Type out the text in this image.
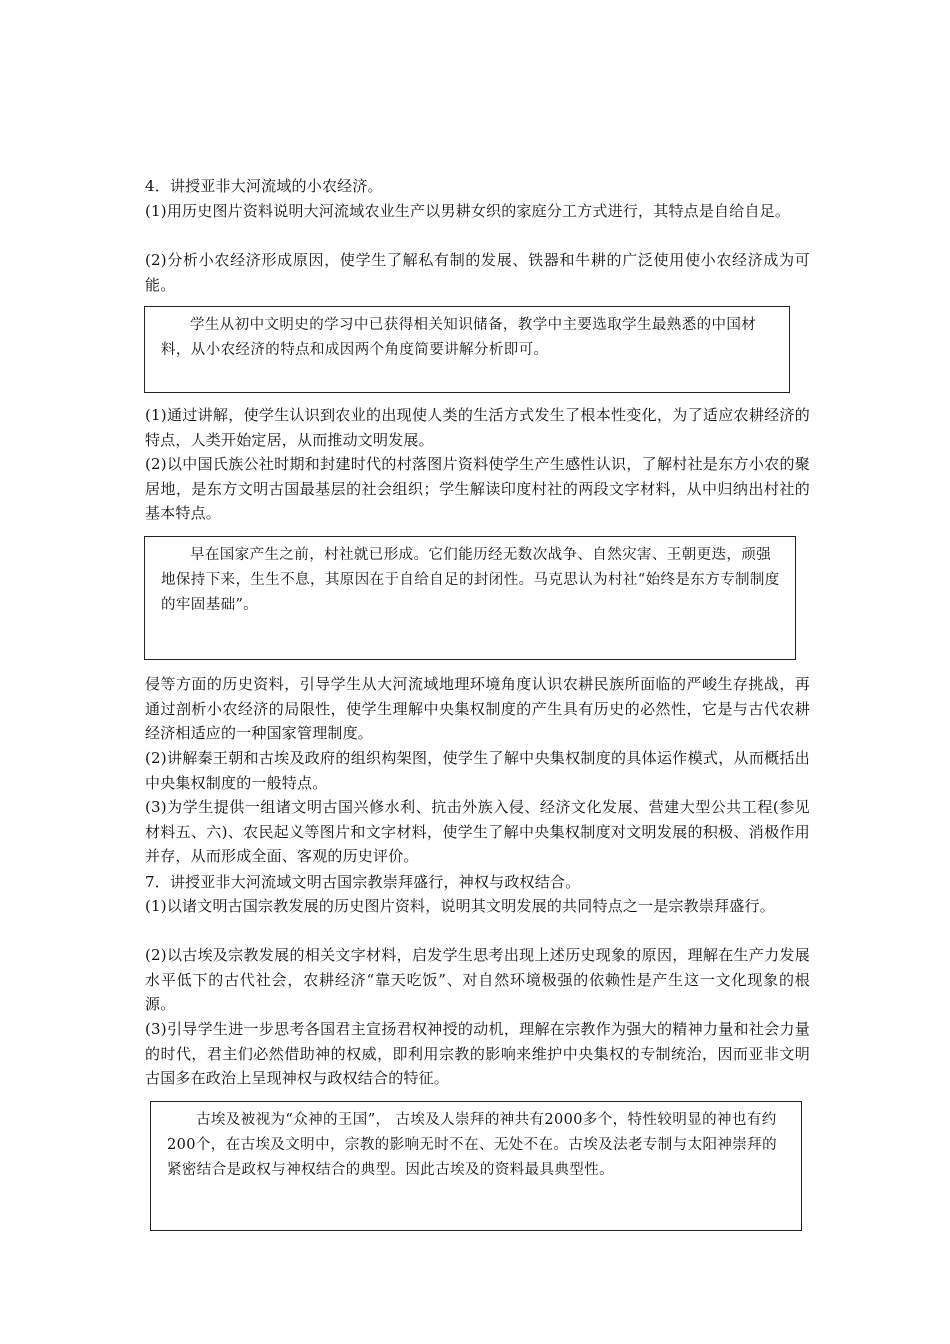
4．讲授亚非大河流域的小农经济。

(1)用历史图片资料说明大河流域农业生产以男耕女织的家庭分工方式进行，其特点是自给自足。

(2)分析小农经济形成原因，使学生了解私有制的发展、铁器和牛耕的广泛使用使小农经济成为可能。

学生从初中文明史的学习中已获得相关知识储备，教学中主要选取学生最熟悉的中国材料，从小农经济的特点和成因两个角度简要讲解分析即可。

(1)通过讲解，使学生认识到农业的出现使人类的生活方式发生了根本性变化，为了适应农耕经济的特点，人类开始定居，从而推动文明发展。

(2)以中国氏族公社时期和封建时代的村落图片资料使学生产生感性认识，了解村社是东方小农的聚居地，是东方文明古国最基层的社会组织；学生解读印度村社的两段文字材料，从中归纳出村社的基本特点。

早在国家产生之前，村社就已形成。它们能历经无数次战争、自然灾害、王朝更迭，顽强地保持下来，生生不息，其原因在于自给自足的封闭性。马克思认为村社“始终是东方专制制度的牢固基础”。

侵等方面的历史资料，引导学生从大河流域地理环境角度认识农耕民族所面临的严峻生存挑战，再通过剖析小农经济的局限性，使学生理解中央集权制度的产生具有历史的必然性，它是与古代农耕经济相适应的一种国家管理制度。

(2)讲解秦王朝和古埃及政府的组织构架图，使学生了解中央集权制度的具体运作模式，从而概括出中央集权制度的一般特点。

(3)为学生提供一组诸文明古国兴修水利、抗击外族入侵、经济文化发展、营建大型公共工程(参见材料五、六)、农民起义等图片和文字材料，使学生了解中央集权制度对文明发展的积极、消极作用并存，从而形成全面、客观的历史评价。

7．讲授亚非大河流域文明古国宗教崇拜盛行，神权与政权结合。

(1)以诸文明古国宗教发展的历史图片资料，说明其文明发展的共同特点之一是宗教崇拜盛行。

(2)以古埃及宗教发展的相关文字材料，启发学生思考出现上述历史现象的原因，理解在生产力发展水平低下的古代社会，农耕经济“靠天吃饭”、对自然环境极强的依赖性是产生这一文化现象的根源。

(3)引导学生进一步思考各国君主宣扬君权神授的动机，理解在宗教作为强大的精神力量和社会力量的时代，君主们必然借助神的权威，即利用宗教的影响来维护中央集权的专制统治，因而亚非文明古国多在政治上呈现神权与政权结合的特征。

古埃及被视为“众神的王国”， 古埃及人崇拜的神共有2000多个，特性较明显的神也有约200个，在古埃及文明中，宗教的影响无时不在、无处不在。古埃及法老专制与太阳神崇拜的紧密结合是政权与神权结合的典型。因此古埃及的资料最具典型性。
